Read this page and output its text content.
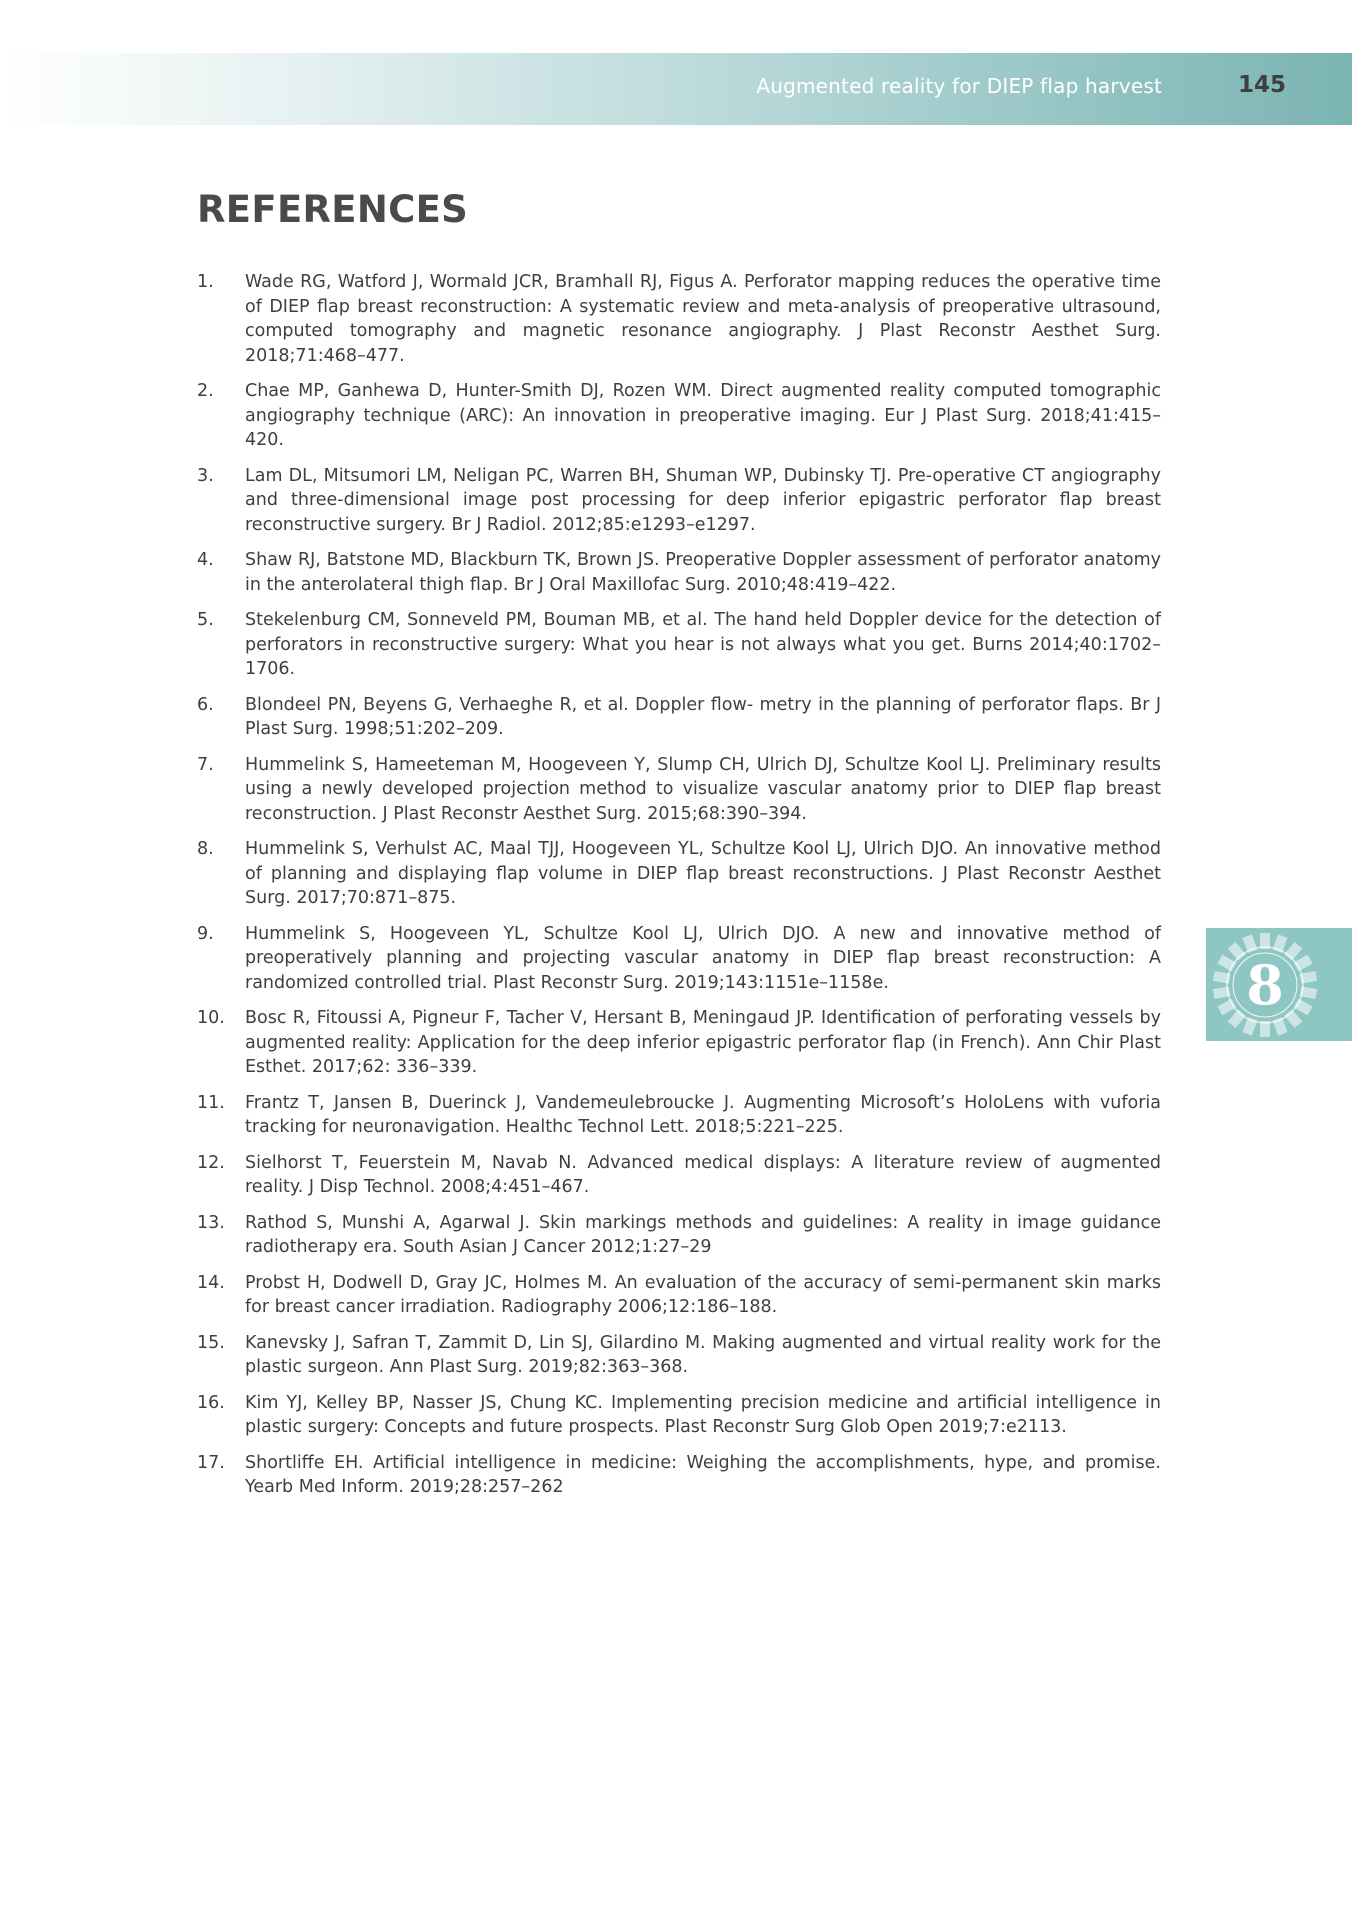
Augmented reality for DIEP flap harvest	145
REFERENCES
1.	Wade RG, Watford J, Wormald JCR, Bramhall RJ, Figus A. Perforator mapping reduces the operative time of DIEP flap breast reconstruction: A systematic review and meta-analysis of preoperative ultrasound, computed tomography and magnetic resonance angiography. J Plast Reconstr Aesthet Surg. 2018;71:468–477.
2.	Chae MP, Ganhewa D, Hunter-Smith DJ, Rozen WM. Direct augmented reality computed tomographic angiography technique (ARC): An innovation in preoperative imaging. Eur J Plast Surg. 2018;41:415–420.
3.	Lam DL, Mitsumori LM, Neligan PC, Warren BH, Shuman WP, Dubinsky TJ. Pre-operative CT angiography and three-dimensional image post processing for deep inferior epigastric perforator flap breast reconstructive surgery. Br J Radiol. 2012;85:e1293–e1297.
4.	Shaw RJ, Batstone MD, Blackburn TK, Brown JS. Preoperative Doppler assessment of perforator anatomy in the anterolateral thigh flap. Br J Oral Maxillofac Surg. 2010;48:419–422.
5.	Stekelenburg CM, Sonneveld PM, Bouman MB, et al. The hand held Doppler device for the detection of perforators in reconstructive surgery: What you hear is not always what you get. Burns 2014;40:1702–1706.
6.	Blondeel PN, Beyens G, Verhaeghe R, et al. Doppler flow- metry in the planning of perforator flaps. Br J Plast Surg. 1998;51:202–209.
7.	Hummelink S, Hameeteman M, Hoogeveen Y, Slump CH, Ulrich DJ, Schultze Kool LJ. Preliminary results using a newly developed projection method to visualize vascular anatomy prior to DIEP flap breast reconstruction. J Plast Reconstr Aesthet Surg. 2015;68:390–394.
8.	Hummelink S, Verhulst AC, Maal TJJ, Hoogeveen YL, Schultze Kool LJ, Ulrich DJO. An innovative method of planning and displaying flap volume in DIEP flap breast reconstructions. J Plast Reconstr Aesthet Surg. 2017;70:871–875.
9.	Hummelink S, Hoogeveen YL, Schultze Kool LJ, Ulrich DJO. A new and innovative method of preoperatively planning and projecting vascular anatomy in DIEP flap breast reconstruction: A randomized controlled trial. Plast Reconstr Surg. 2019;143:1151e–1158e.
10.	Bosc R, Fitoussi A, Pigneur F, Tacher V, Hersant B, Meningaud JP. Identification of perforating vessels by augmented reality: Application for the deep inferior epigastric perforator flap (in French). Ann Chir Plast Esthet. 2017;62: 336–339.
11.	Frantz T, Jansen B, Duerinck J, Vandemeulebroucke J. Augmenting Microsoft’s HoloLens with vuforia tracking for neuronavigation. Healthc Technol Lett. 2018;5:221–225.
12.	Sielhorst T, Feuerstein M, Navab N. Advanced medical displays: A literature review of augmented reality. J Disp Technol. 2008;4:451–467.
13.	Rathod S, Munshi A, Agarwal J. Skin markings methods and guidelines: A reality in image guidance radiotherapy era. South Asian J Cancer 2012;1:27–29
14.	Probst H, Dodwell D, Gray JC, Holmes M. An evaluation of the accuracy of semi-permanent skin marks for breast cancer irradiation. Radiography 2006;12:186–188.
15.	Kanevsky J, Safran T, Zammit D, Lin SJ, Gilardino M. Making augmented and virtual reality work for the plastic surgeon. Ann Plast Surg. 2019;82:363–368.
16.	Kim YJ, Kelley BP, Nasser JS, Chung KC. Implementing precision medicine and artificial intelligence in plastic surgery: Concepts and future prospects. Plast Reconstr Surg Glob Open 2019;7:e2113.
17.	Shortliffe EH. Artificial intelligence in medicine: Weighing the accomplishments, hype, and promise. Yearb Med Inform. 2019;28:257–262
8
